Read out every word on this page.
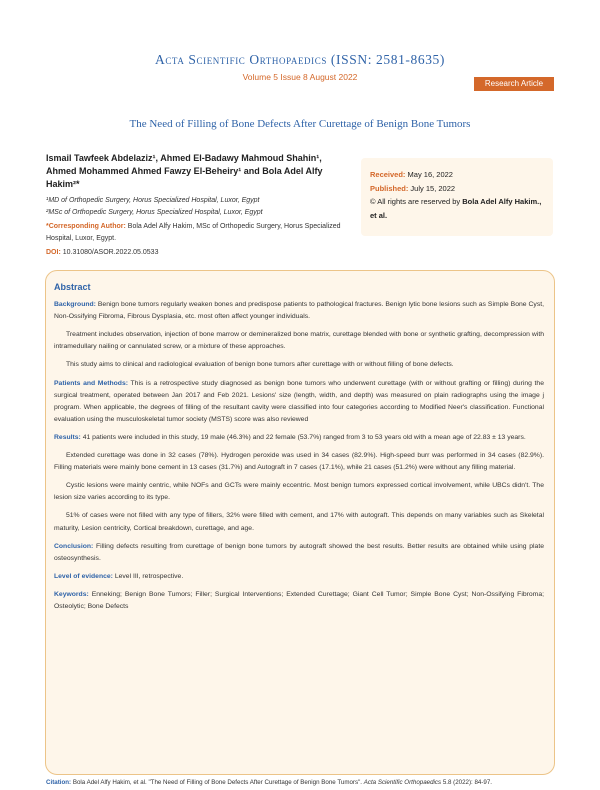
Acta Scientific Orthopaedics (ISSN: 2581-8635)
Volume 5 Issue 8 August 2022
Research Article
The Need of Filling of Bone Defects After Curettage of Benign Bone Tumors
Ismail Tawfeek Abdelaziz¹, Ahmed El-Badawy Mahmoud Shahin¹, Ahmed Mohammed Ahmed Fawzy El-Beheiry¹ and Bola Adel Alfy Hakim²*
¹MD of Orthopedic Surgery, Horus Specialized Hospital, Luxor, Egypt
²MSc of Orthopedic Surgery, Horus Specialized Hospital, Luxor, Egypt
*Corresponding Author: Bola Adel Alfy Hakim, MSc of Orthopedic Surgery, Horus Specialized Hospital, Luxor, Egypt.
DOI: 10.31080/ASOR.2022.05.0533
Received: May 16, 2022
Published: July 15, 2022
© All rights are reserved by Bola Adel Alfy Hakim., et al.
Abstract

Background: Benign bone tumors regularly weaken bones and predispose patients to pathological fractures. Benign lytic bone lesions such as Simple Bone Cyst, Non-Ossifying Fibroma, Fibrous Dysplasia, etc. most often affect younger individuals.

Treatment includes observation, injection of bone marrow or demineralized bone matrix, curettage blended with bone or synthetic grafting, decompression with intramedullary nailing or cannulated screw, or a mixture of these approaches.

This study aims to clinical and radiological evaluation of benign bone tumors after curettage with or without filling of bone defects.

Patients and Methods: This is a retrospective study diagnosed as benign bone tumors who underwent curettage (with or without grafting or filling) during the surgical treatment, operated between Jan 2017 and Feb 2021. Lesions' size (length, width, and depth) was measured on plain radiographs using the image j program. When applicable, the degrees of filling of the resultant cavity were classified into four categories according to Modified Neer's classification. Functional evaluation using the musculoskeletal tumor society (MSTS) score was also reviewed

Results: 41 patients were included in this study, 19 male (46.3%) and 22 female (53.7%) ranged from 3 to 53 years old with a mean age of 22.83 ± 13 years.

Extended curettage was done in 32 cases (78%). Hydrogen peroxide was used in 34 cases (82.9%). High-speed burr was performed in 34 cases (82.9%). Filling materials were mainly bone cement in 13 cases (31.7%) and Autograft in 7 cases (17.1%), while 21 cases (51.2%) were without any filling material.

Cystic lesions were mainly centric, while NOFs and GCTs were mainly eccentric. Most benign tumors expressed cortical involvement, while UBCs didn't. The lesion size varies according to its type.

51% of cases were not filled with any type of fillers, 32% were filled with cement, and 17% with autograft. This depends on many variables such as Skeletal maturity, Lesion centricity, Cortical breakdown, curettage, and age.

Conclusion: Filling defects resulting from curettage of benign bone tumors by autograft showed the best results. Better results are obtained while using plate osteosynthesis.

Level of evidence: Level III, retrospective.

Keywords: Enneking; Benign Bone Tumors; Filler; Surgical Interventions; Extended Curettage; Giant Cell Tumor; Simple Bone Cyst; Non-Ossifying Fibroma; Osteolytic; Bone Defects

Citation: Bola Adel Alfy Hakim, et al. "The Need of Filling of Bone Defects After Curettage of Benign Bone Tumors". Acta Scientific Orthopaedics 5.8 (2022): 84-97.
